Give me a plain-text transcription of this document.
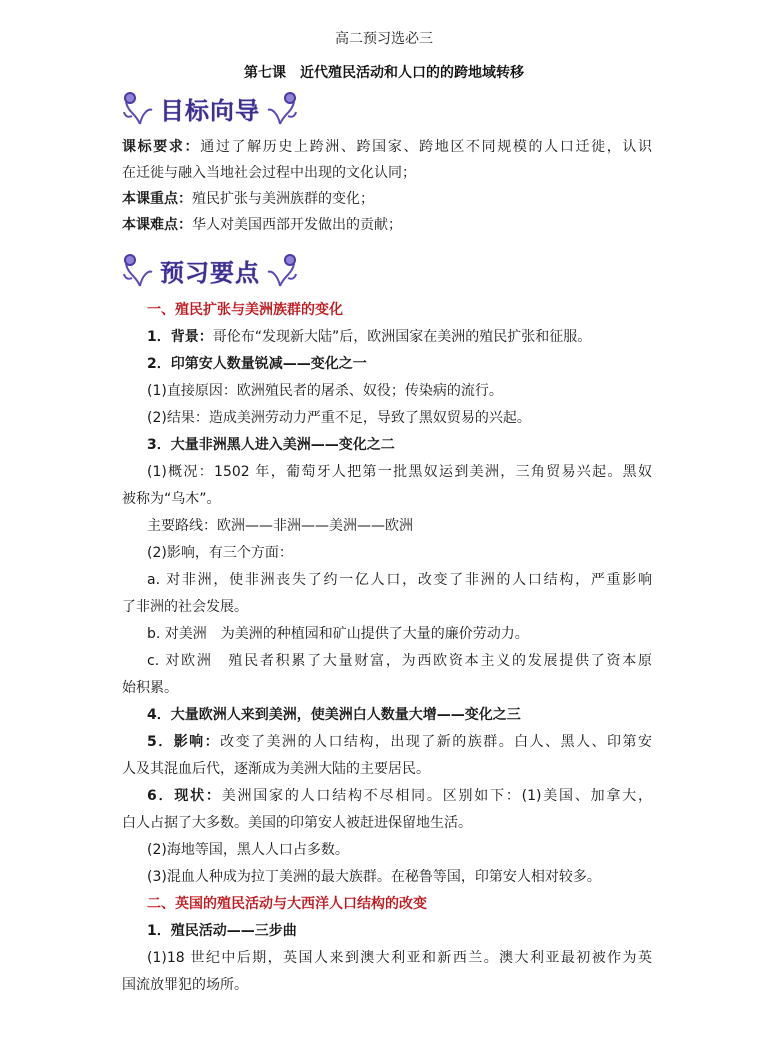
高二预习选必三
第七课　近代殖民活动和人口的的跨地域转移
目标向导
课标要求：通过了解历史上跨洲、跨国家、跨地区不同规模的人口迁徙，认识
在迁徙与融入当地社会过程中出现的文化认同；
本课重点：殖民扩张与美洲族群的变化；
本课难点：华人对美国西部开发做出的贡献；
预习要点
一、殖民扩张与美洲族群的变化
1．背景：哥伦布“发现新大陆”后，欧洲国家在美洲的殖民扩张和征服。
2．印第安人数量锐减——变化之一
(1)直接原因：欧洲殖民者的屠杀、奴役；传染病的流行。
(2)结果：造成美洲劳动力严重不足，导致了黑奴贸易的兴起。
3．大量非洲黑人进入美洲——变化之二
(1)概况：1502 年，葡萄牙人把第一批黑奴运到美洲，三角贸易兴起。黑奴
被称为“乌木”。
主要路线：欧洲——非洲——美洲——欧洲
(2)影响，有三个方面：
a. 对非洲，使非洲丧失了约一亿人口，改变了非洲的人口结构，严重影响
了非洲的社会发展。
b. 对美洲　为美洲的种植园和矿山提供了大量的廉价劳动力。
c. 对欧洲　殖民者积累了大量财富，为西欧资本主义的发展提供了资本原
始积累。
4．大量欧洲人来到美洲，使美洲白人数量大增——变化之三
5．影响：改变了美洲的人口结构，出现了新的族群。白人、黑人、印第安
人及其混血后代，逐渐成为美洲大陆的主要居民。
6．现状：美洲国家的人口结构不尽相同。区别如下：(1)美国、加拿大，
白人占据了大多数。美国的印第安人被赶进保留地生活。
(2)海地等国，黑人人口占多数。
(3)混血人种成为拉丁美洲的最大族群。在秘鲁等国，印第安人相对较多。
二、英国的殖民活动与大西洋人口结构的改变
1．殖民活动——三步曲
(1)18 世纪中后期，英国人来到澳大利亚和新西兰。澳大利亚最初被作为英
国流放罪犯的场所。
